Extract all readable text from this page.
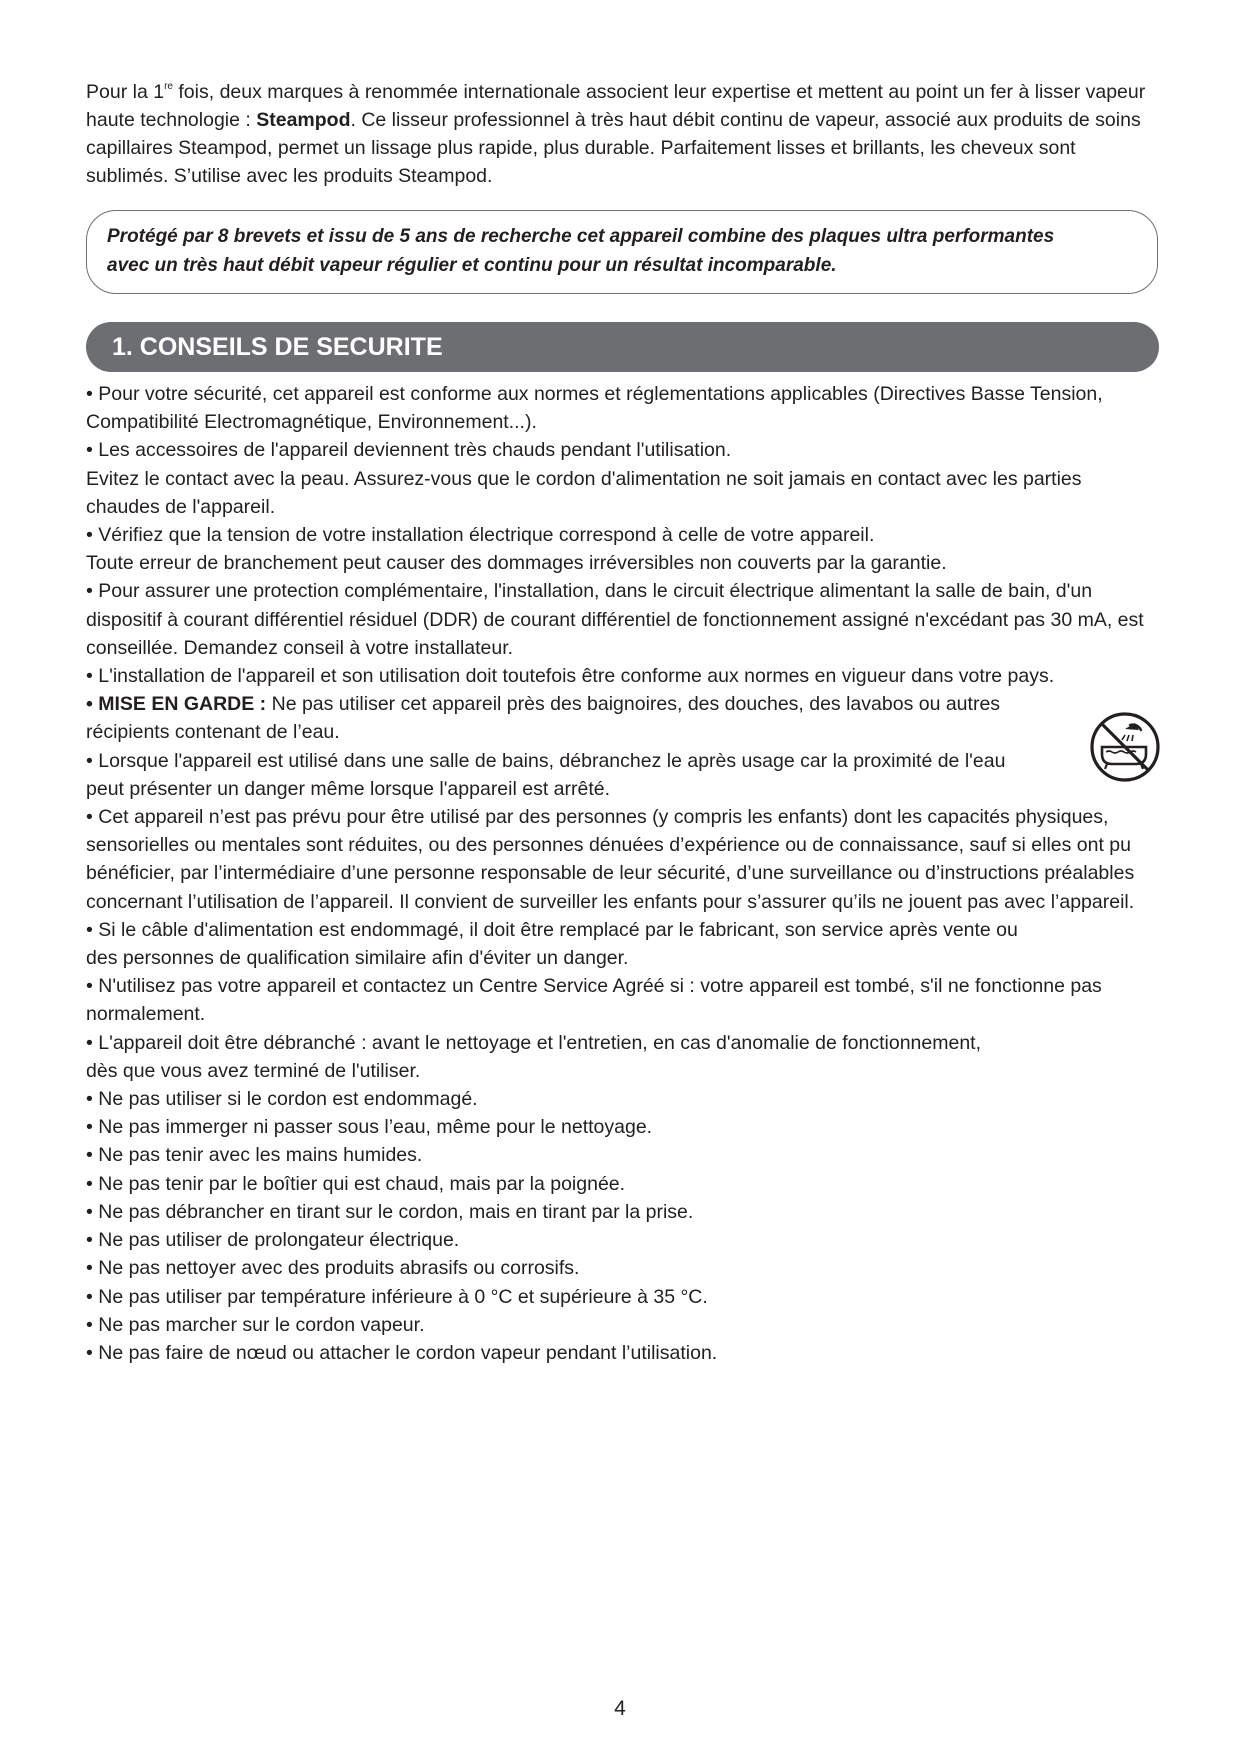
Pour la 1re fois, deux marques à renommée internationale associent leur expertise et mettent au point un fer à lisser vapeur haute technologie : Steampod. Ce lisseur professionnel à très haut débit continu de vapeur, associé aux produits de soins capillaires Steampod, permet un lissage plus rapide, plus durable. Parfaitement lisses et brillants, les cheveux sont sublimés. S’utilise avec les produits Steampod.

Protégé par 8 brevets et issu de 5 ans de recherche cet appareil combine des plaques ultra performantes
avec un très haut débit vapeur régulier et continu pour un résultat incomparable.
1. CONSEILS DE SECURITE

• Pour votre sécurité, cet appareil est conforme aux normes et réglementations applicables (Directives Basse Tension, Compatibilité Electromagnétique, Environnement...).

• Les accessoires de l'appareil deviennent très chauds pendant l'utilisation.

Evitez le contact avec la peau. Assurez-vous que le cordon d'alimentation ne soit jamais en contact avec les parties chaudes de l'appareil.

• Vérifiez que la tension de votre installation électrique correspond à celle de votre appareil.

Toute erreur de branchement peut causer des dommages irréversibles non couverts par la garantie.

• Pour assurer une protection complémentaire, l'installation, dans le circuit électrique alimentant la salle de bain, d'un dispositif à courant différentiel résiduel (DDR) de courant différentiel de fonctionnement assigné n'excédant pas 30 mA, est conseillée. Demandez conseil à votre installateur.

• L'installation de l'appareil et son utilisation doit toutefois être conforme aux normes en vigueur dans votre pays.

• MISE EN GARDE : Ne pas utiliser cet appareil près des baignoires, des douches, des lavabos ou autres

récipients contenant de l’eau.

• Lorsque l'appareil est utilisé dans une salle de bains, débranchez le après usage car la proximité de l'eau

peut présenter un danger même lorsque l'appareil est arrêté.

• Cet appareil n’est pas prévu pour être utilisé par des personnes (y compris les enfants) dont les capacités physiques, sensorielles ou mentales sont réduites, ou des personnes dénuées d’expérience ou de connaissance, sauf si elles ont pu bénéficier, par l’intermédiaire d’une personne responsable de leur sécurité, d’une surveillance ou d’instructions préalables concernant l’utilisation de l’appareil. Il convient de surveiller les enfants pour s’assurer qu’ils ne jouent pas avec l’appareil.

• Si le câble d'alimentation est endommagé, il doit être remplacé par le fabricant, son service après vente ou

des personnes de qualification similaire afin d'éviter un danger.

• N'utilisez pas votre appareil et contactez un Centre Service Agréé si : votre appareil est tombé, s'il ne fonctionne pas normalement.

• L'appareil doit être débranché : avant le nettoyage et l'entretien, en cas d'anomalie de fonctionnement,

dès que vous avez terminé de l'utiliser.

• Ne pas utiliser si le cordon est endommagé.

• Ne pas immerger ni passer sous l’eau, même pour le nettoyage.

• Ne pas tenir avec les mains humides.

• Ne pas tenir par le boîtier qui est chaud, mais par la poignée.

• Ne pas débrancher en tirant sur le cordon, mais en tirant par la prise.

• Ne pas utiliser de prolongateur électrique.

• Ne pas nettoyer avec des produits abrasifs ou corrosifs.

• Ne pas utiliser par température inférieure à 0 °C et supérieure à 35 °C.

• Ne pas marcher sur le cordon vapeur.

• Ne pas faire de nœud ou attacher le cordon vapeur pendant l’utilisation.

4
